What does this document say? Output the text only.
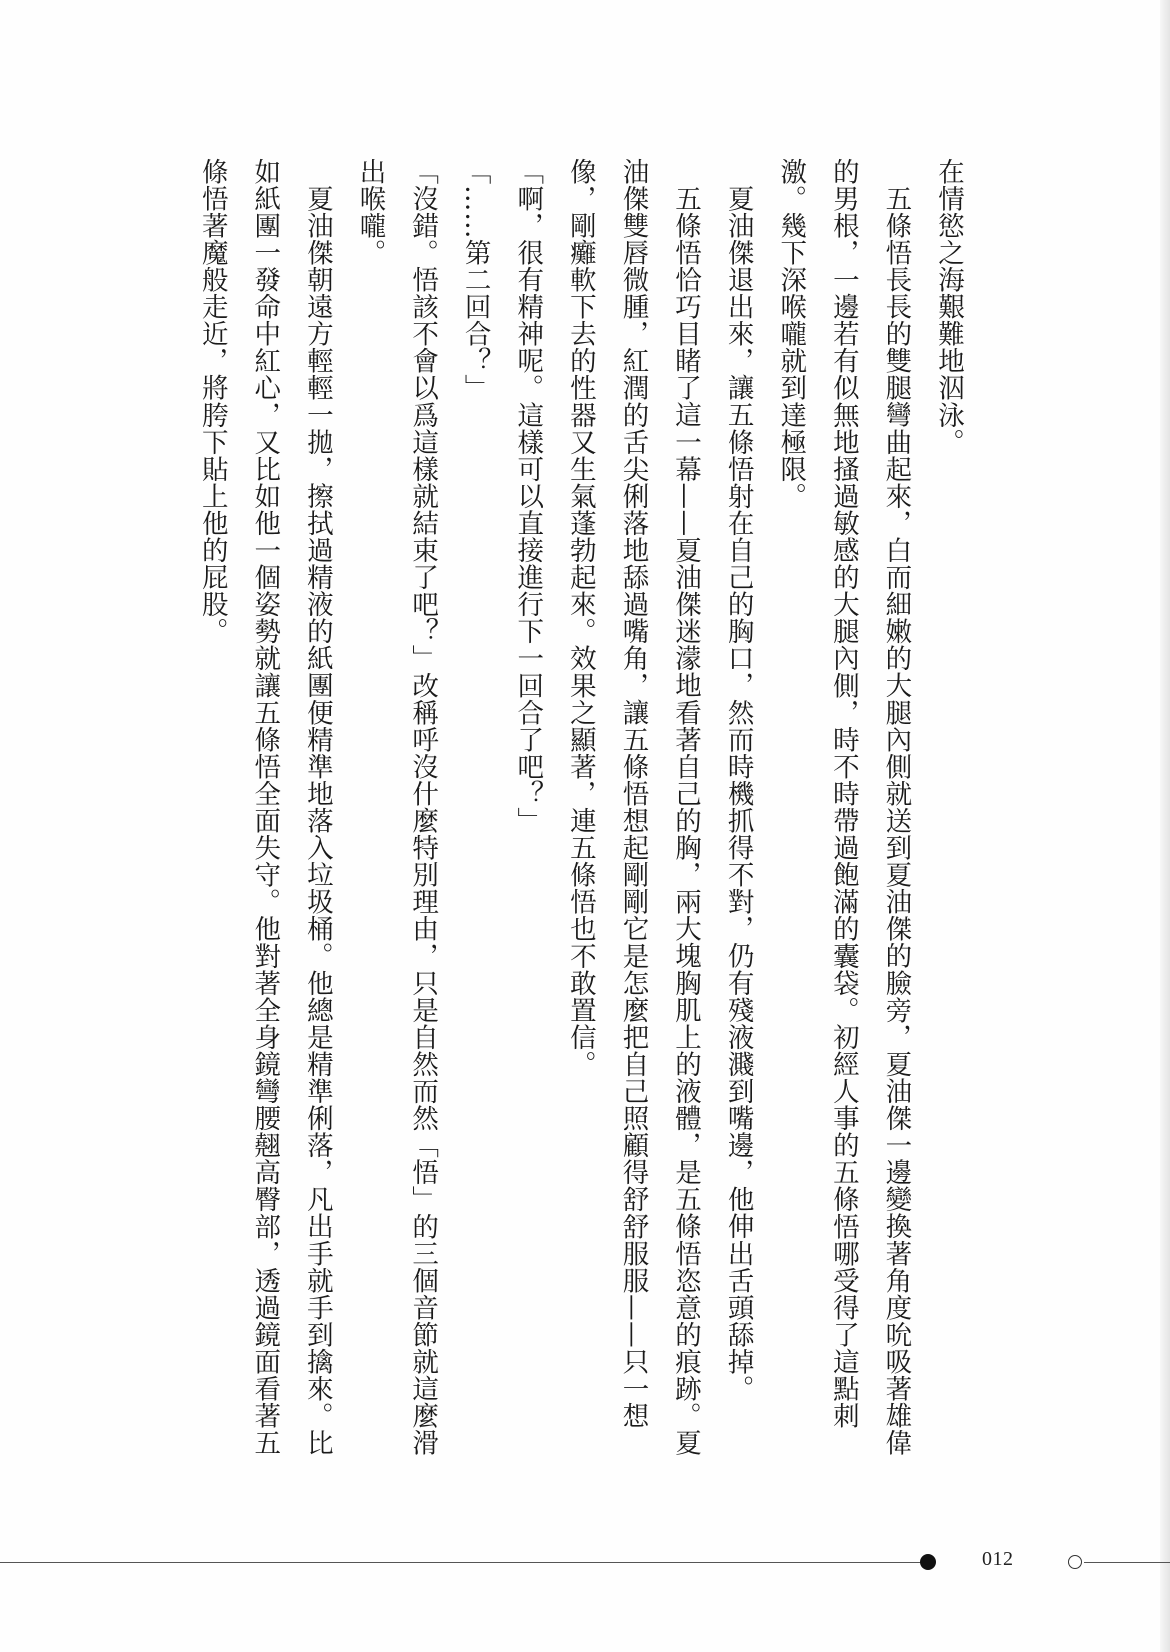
在情慾之海艱難地泅泳。

五條悟長長的雙腿彎曲起來，白而細嫩的大腿內側就送到夏油傑的臉旁，夏油傑一邊變換著角度吮吸著雄偉的男根，一邊若有似無地搔過敏感的大腿內側，時不時帶過飽滿的囊袋。初經人事的五條悟哪受得了這點刺激。幾下深喉嚨就到達極限。

夏油傑退出來，讓五條悟射在自己的胸口，然而時機抓得不對，仍有殘液濺到嘴邊，他伸出舌頭舔掉。

五條悟恰巧目睹了這一幕——夏油傑迷濛地看著自己的胸，兩大塊胸肌上的液體，是五條悟恣意的痕跡。夏油傑雙唇微腫，紅潤的舌尖俐落地舔過嘴角，讓五條悟想起剛剛它是怎麼把自己照顧得舒舒服服——只一想像，剛癱軟下去的性器又生氣蓬勃起來。效果之顯著，連五條悟也不敢置信。

「啊，很有精神呢。這樣可以直接進行下一回合了吧？」

「……第二回合？」

「沒錯。悟該不會以爲這樣就結束了吧？」改稱呼沒什麼特別理由，只是自然而然「悟」的三個音節就這麼滑出喉嚨。

夏油傑朝遠方輕輕一拋，擦拭過精液的紙團便精準地落入垃圾桶。他總是精準俐落，凡出手就手到擒來。比如紙團一發命中紅心，又比如他一個姿勢就讓五條悟全面失守。他對著全身鏡彎腰翹高臀部，透過鏡面看著五條悟著魔般走近，將胯下貼上他的屁股。

012
